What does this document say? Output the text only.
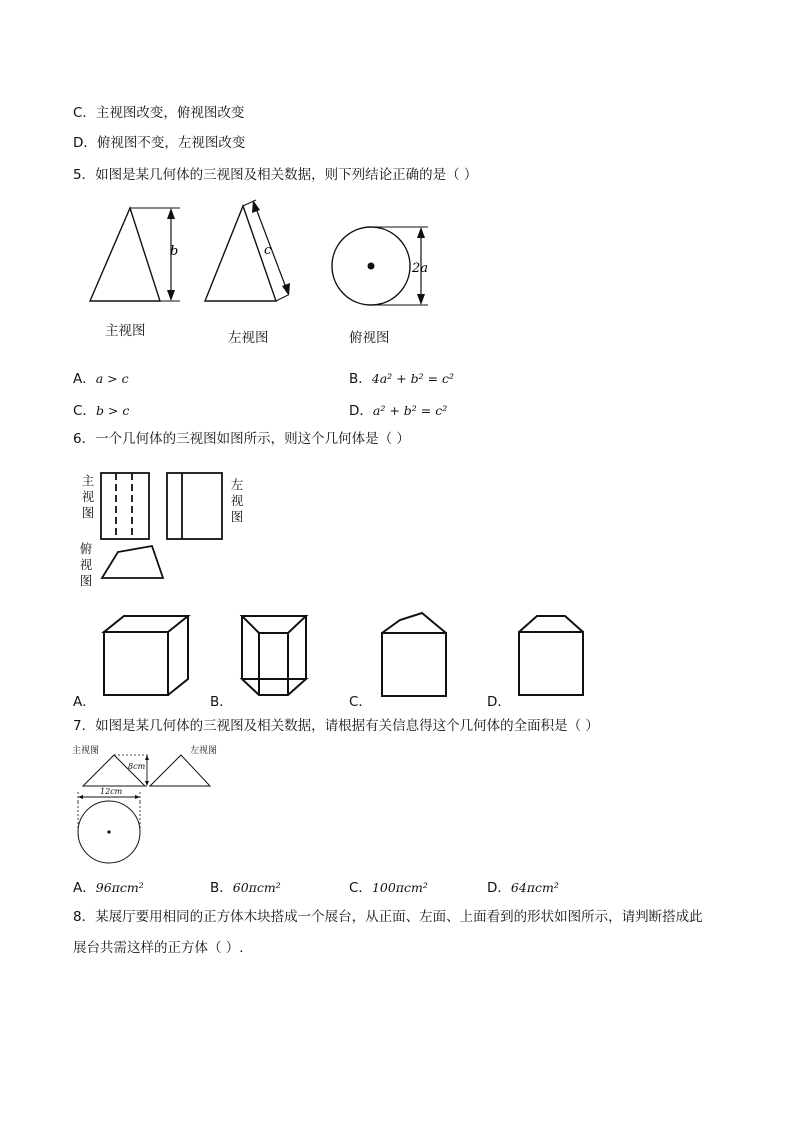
C．主视图改变，俯视图改变
D．俯视图不变，左视图改变
5．如图是某几何体的三视图及相关数据，则下列结论正确的是（ ）
b	c
2a
主视图	左视图	俯视图
A．a > c	B．4a² + b² = c²
C．b > c	D．a² + b² = c²
6．一个几何体的三视图如图所示，则这个几何体是（ ）
主
视
图
左
视
图
俯
视
图
A．	B．	C．	D．
7．如图是某几何体的三视图及相关数据，请根据有关信息得这个几何体的全面积是（ ）
主视图	左视图
8cm
12cm
A．96πcm²	B．60πcm²	C．100πcm²	D．64πcm²
8．某展厅要用相同的正方体木块搭成一个展台，从正面、左面、上面看到的形状如图所示，请判断搭成此
展台共需这样的正方体（ ）.
